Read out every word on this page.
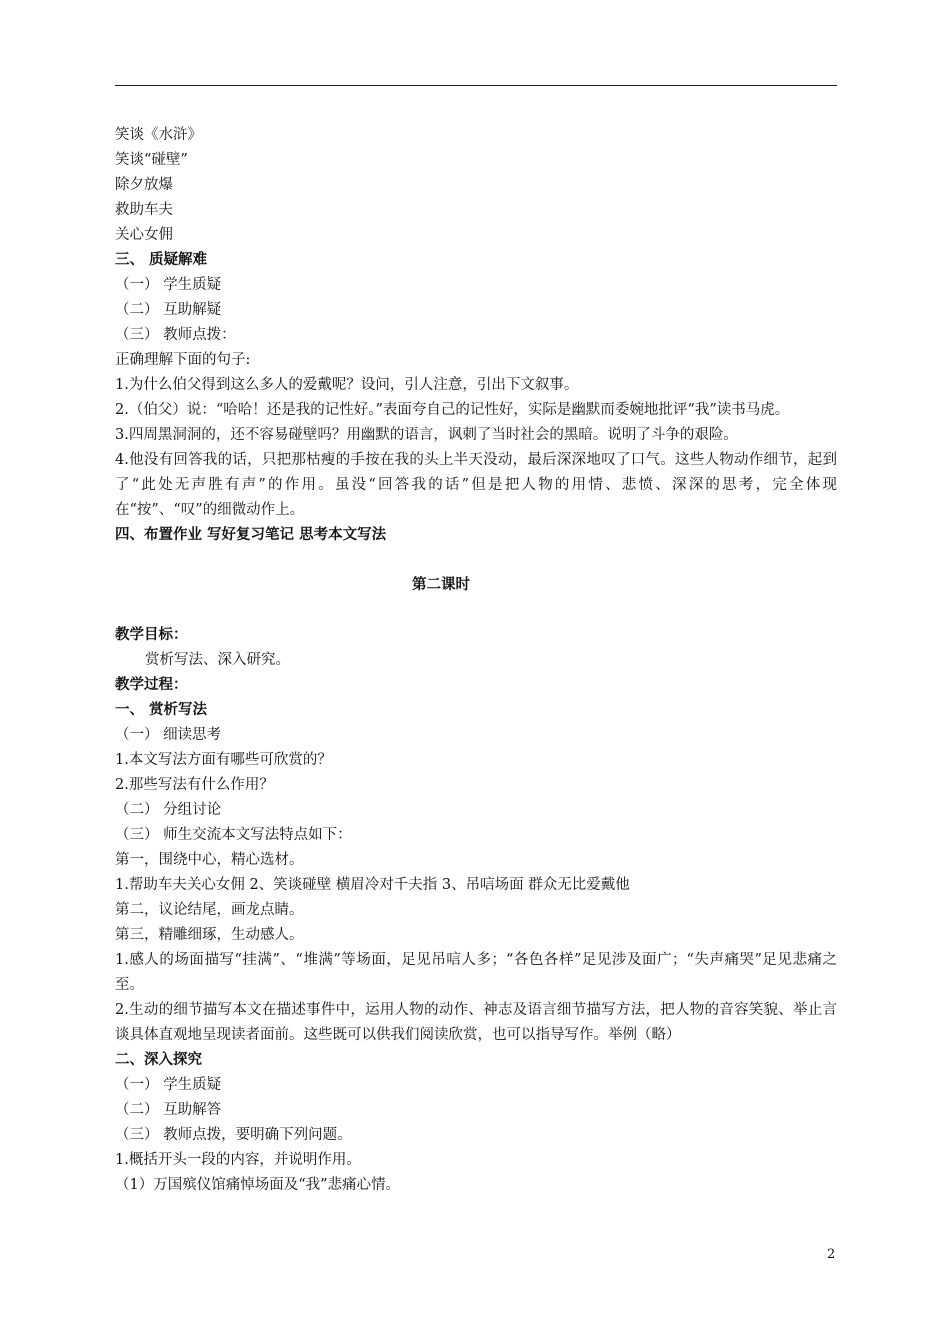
笑谈《水浒》
笑谈“碰壁”
除夕放爆
救助车夫
关心女佣
三、 质疑解难
（一） 学生质疑
（二） 互助解疑
（三） 教师点拨：
正确理解下面的句子:
1.为什么伯父得到这么多人的爱戴呢？设问，引人注意，引出下文叙事。
2.（伯父）说：“哈哈！还是我的记性好。”表面夸自己的记性好，实际是幽默而委婉地批评“我”读书马虎。
3.四周黑洞洞的，还不容易碰壁吗？用幽默的语言，讽刺了当时社会的黑暗。说明了斗争的艰险。
4.他没有回答我的话，只把那枯瘦的手按在我的头上半天没动，最后深深地叹了口气。这些人物动作细节，起到了“此处无声胜有声”的作用。虽没“回答我的话”但是把人物的用情、悲愤、深深的思考，完全体现在“按”、“叹”的细微动作上。
四、布置作业 写好复习笔记 思考本文写法
第二课时
教学目标：
赏析写法、深入研究。
教学过程：
一、 赏析写法
（一） 细读思考
1.本文写法方面有哪些可欣赏的？
2.那些写法有什么作用？
（二） 分组讨论
（三） 师生交流本文写法特点如下：
第一，围绕中心，精心选材。
1.帮助车夫关心女佣 2、笑谈碰壁 横眉冷对千夫指 3、吊唁场面 群众无比爱戴他
第二，议论结尾，画龙点睛。
第三，精雕细琢，生动感人。
1.感人的场面描写“挂满”、“堆满”等场面，足见吊唁人多；“各色各样”足见涉及面广；“失声痛哭”足见悲痛之至。
2.生动的细节描写本文在描述事件中，运用人物的动作、神志及语言细节描写方法，把人物的音容笑貌、举止言谈具体直观地呈现读者面前。这些既可以供我们阅读欣赏，也可以指导写作。举例（略）
二、深入探究
（一） 学生质疑
（二） 互助解答
（三） 教师点拨，要明确下列问题。
1.概括开头一段的内容，并说明作用。
（1）万国殡仪馆痛悼场面及“我”悲痛心情。
2
